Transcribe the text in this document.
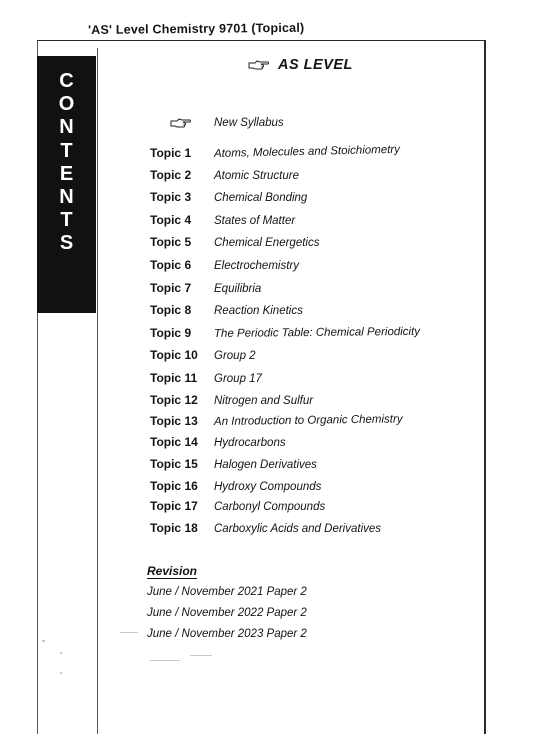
'AS' Level Chemistry 9701 (Topical)
C
O
N
T
E
N
T
S
AS LEVEL
New Syllabus
Topic 1	Atoms, Molecules and Stoichiometry
Topic 2	Atomic Structure
Topic 3	Chemical Bonding
Topic 4	States of Matter
Topic 5	Chemical Energetics
Topic 6	Electrochemistry
Topic 7	Equilibria
Topic 8	Reaction Kinetics
Topic 9	The Periodic Table: Chemical Periodicity
Topic 10	Group 2
Topic 11	Group 17
Topic 12	Nitrogen and Sulfur
Topic 13	An Introduction to Organic Chemistry
Topic 14	Hydrocarbons
Topic 15	Halogen Derivatives
Topic 16	Hydroxy Compounds
Topic 17	Carbonyl Compounds
Topic 18	Carboxylic Acids and Derivatives
Revision
June / November 2021 Paper 2
June / November 2022 Paper 2
June / November 2023 Paper 2
